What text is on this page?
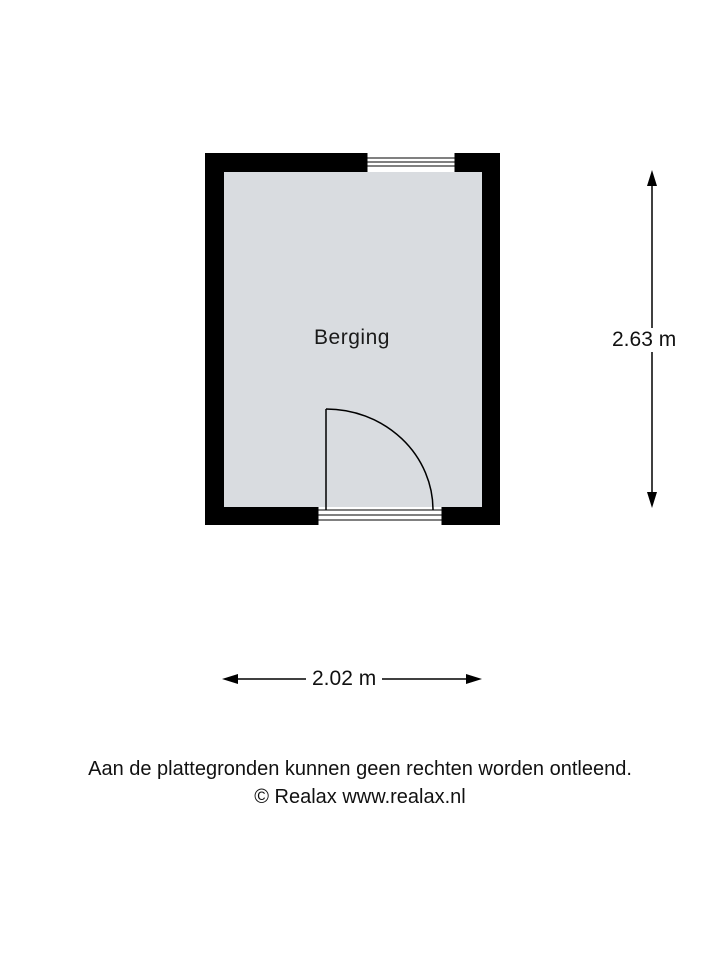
Berging	2.63 m
2.02 m
Aan de plattegronden kunnen geen rechten worden ontleend.
© Realax www.realax.nl
